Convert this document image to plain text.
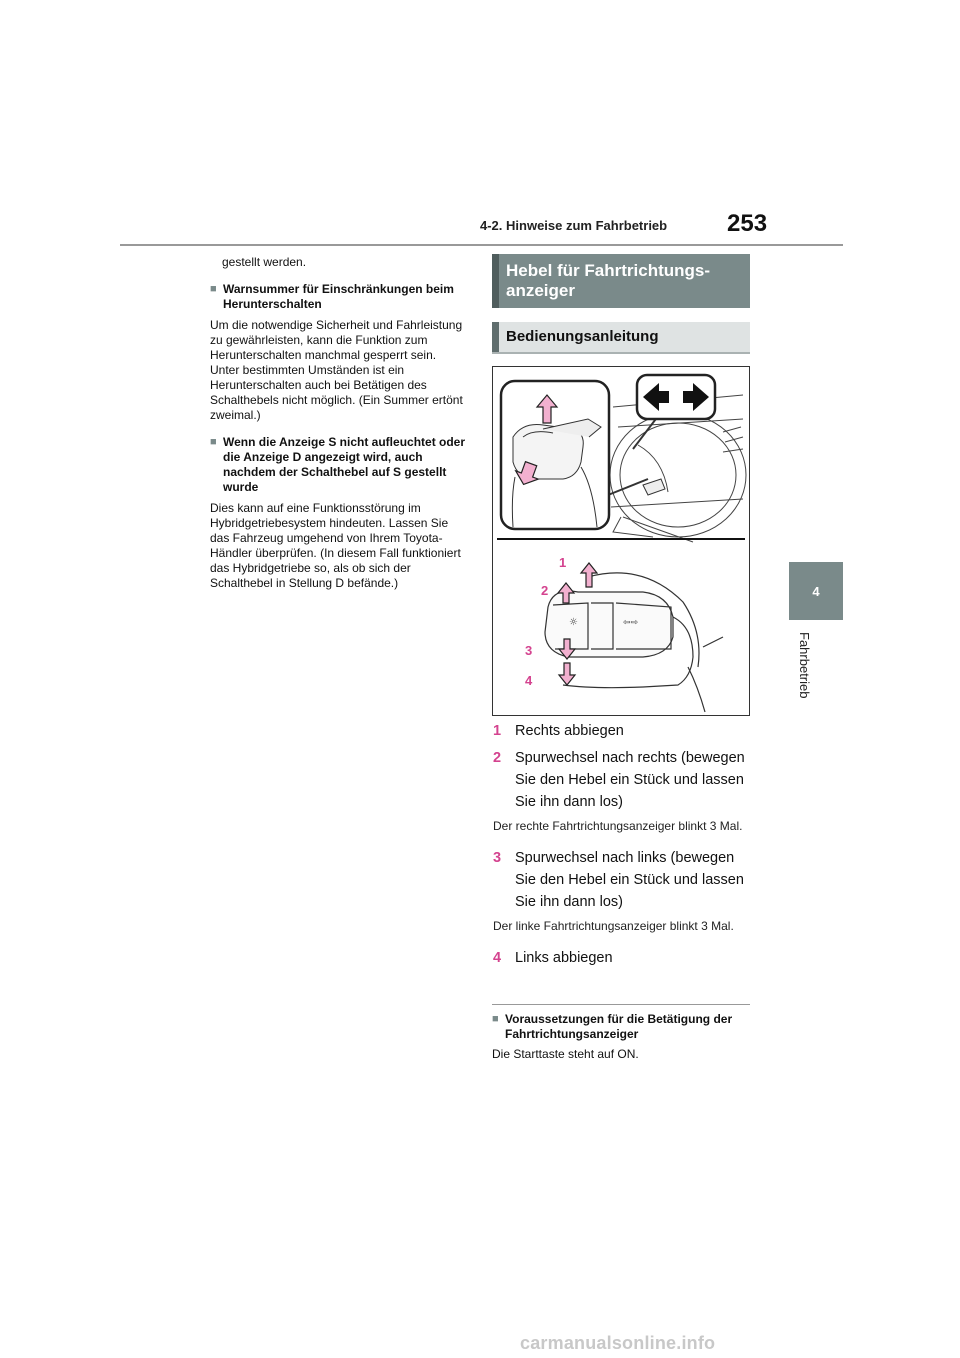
4-2. Hinweise zum Fahrbetrieb 253
4
Fahrbetrieb

gestellt werden.

■ Warnsummer für Einschränkungen beim Herunterschalten

Um die notwendige Sicherheit und Fahrleistung zu gewährleisten, kann die Funktion zum Herunterschalten manchmal gesperrt sein. Unter bestimmten Umständen ist ein Herunterschalten auch bei Betätigen des Schalthebels nicht möglich. (Ein Summer ertönt zweimal.)

■ Wenn die Anzeige S nicht aufleuchtet oder die Anzeige D angezeigt wird, auch nachdem der Schalthebel auf S gestellt wurde

Dies kann auf eine Funktionsstörung im Hybridgetriebesystem hindeuten. Lassen Sie das Fahrzeug umgehend von Ihrem Toyota-Händler überprüfen. (In diesem Fall funktioniert das Hybridgetriebe so, als ob sich der Schalthebel in Stellung D befände.)

Hebel für Fahrtrichtungs-anzeiger
Bedienungsanleitung
☼	⇦⇨
1
2
3
4
1 Rechts abbiegen
2 Spurwechsel nach rechts (bewegen Sie den Hebel ein Stück und lassen Sie ihn dann los)

Der rechte Fahrtrichtungsanzeiger blinkt 3 Mal.

3 Spurwechsel nach links (bewegen Sie den Hebel ein Stück und lassen Sie ihn dann los)

Der linke Fahrtrichtungsanzeiger blinkt 3 Mal.

4 Links abbiegen
■ Voraussetzungen für die Betätigung der Fahrtrichtungsanzeiger

Die Starttaste steht auf ON.

carmanualsonline.info
